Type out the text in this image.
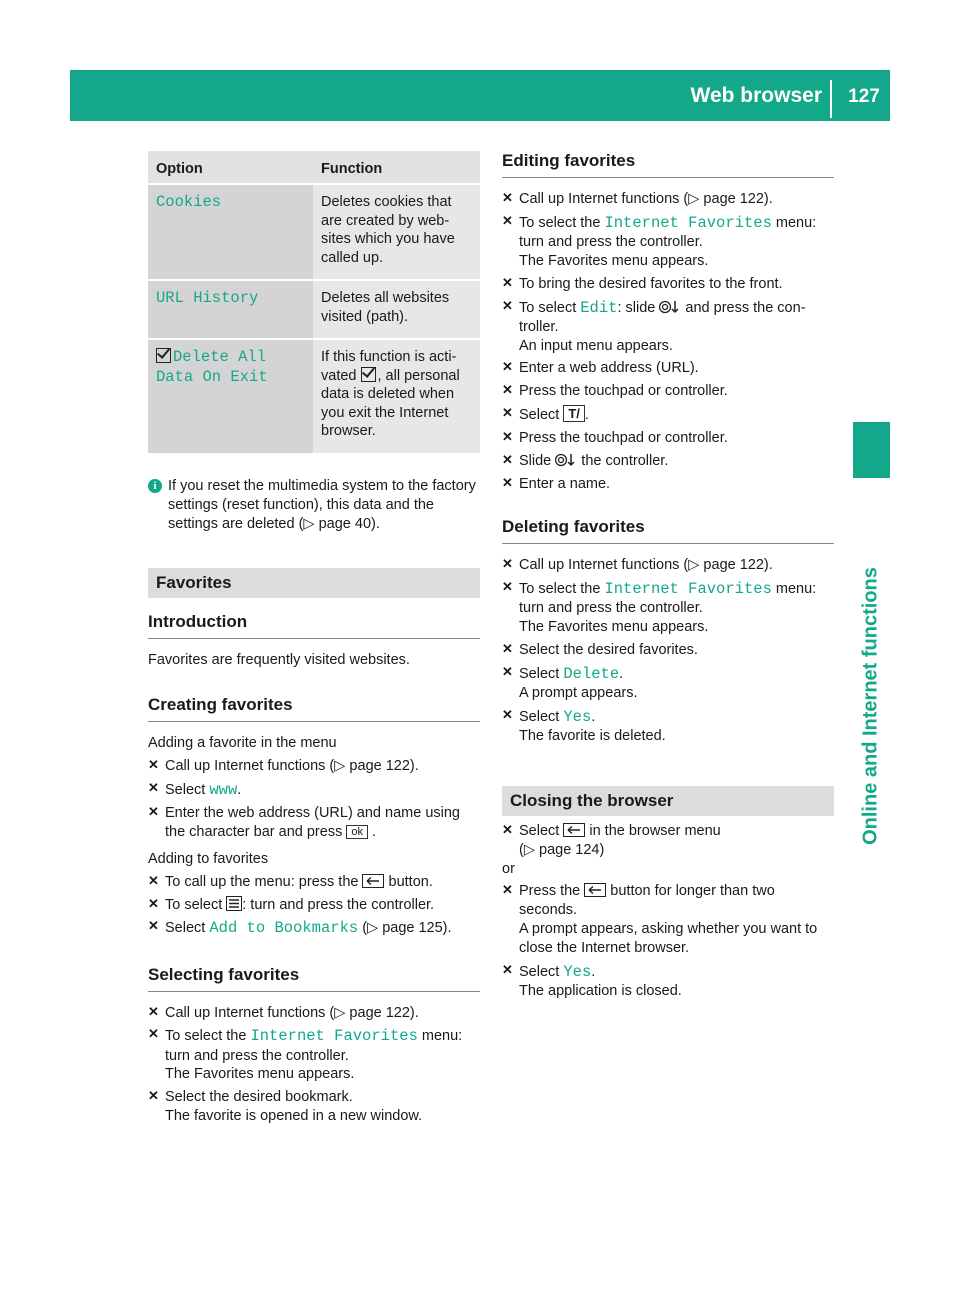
Web browser	127
Online and Internet functions
Option	Function

Cookies	Deletes cookies that are created by web-sites which you have called up.

URL History	Deletes all websites visited (path).

Delete All
Data On Exit	If this function is acti-vated , all personal data is deleted when you exit the Internet browser.
i If you reset the multimedia system to the factory settings (reset function), this data and the settings are deleted (▷ page 40).
Favorites
Introduction

Favorites are frequently visited websites.

Creating favorites

Adding a favorite in the menu

✕ Call up Internet functions (▷ page 122).
✕ Select www.
✕ Enter the web address (URL) and name using the character bar and press ok .

Adding to favorites

✕ To call up the menu: press the  button.
✕ To select : turn and press the controller.
✕ Select Add to Bookmarks (▷ page 125).
Selecting favorites
✕ Call up Internet functions (▷ page 122).
✕ To select the Internet Favorites menu:
turn and press the controller.
The Favorites menu appears.
✕ Select the desired bookmark.
The favorite is opened in a new window.
Editing favorites
✕ Call up Internet functions (▷ page 122).
✕ To select the Internet Favorites menu:
turn and press the controller.
The Favorites menu appears.
✕ To bring the desired favorites to the front.
✕ To select Edit: slide  and press the con-troller.
An input menu appears.
✕ Enter a web address (URL).
✕ Press the touchpad or controller.
✕ Select T/ .
✕ Press the touchpad or controller.
✕ Slide  the controller.
✕ Enter a name.
Deleting favorites
✕ Call up Internet functions (▷ page 122).
✕ To select the Internet Favorites menu:
turn and press the controller.
The Favorites menu appears.
✕ Select the desired favorites.
✕ Select Delete.
A prompt appears.
✕ Select Yes.
The favorite is deleted.
Closing the browser
✕ Select  in the browser menu
(▷ page 124)

or

✕ Press the  button for longer than two
seconds.
A prompt appears, asking whether you want to close the Internet browser.
✕ Select Yes.
The application is closed.
